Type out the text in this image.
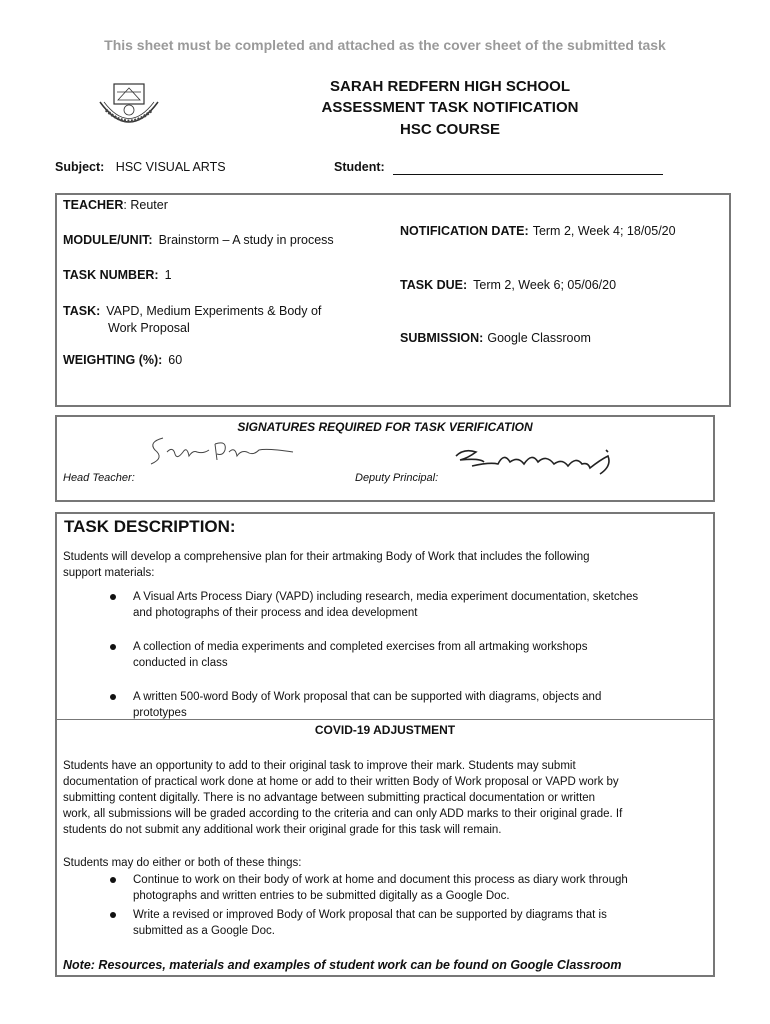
This sheet must be completed and attached as the cover sheet of the submitted task
SARAH REDFERN HIGH SCHOOL
ASSESSMENT TASK NOTIFICATION
HSC COURSE
Subject: HSC VISUAL ARTS	Student:
TEACHER: Reuter
MODULE/UNIT: Brainstorm – A study in process
TASK NUMBER: 1
TASK: VAPD, Medium Experiments & Body of
Work Proposal
WEIGHTING (%): 60
NOTIFICATION DATE: Term 2, Week 4; 18/05/20
TASK DUE: Term 2, Week 6; 05/06/20
SUBMISSION: Google Classroom
SIGNATURES REQUIRED FOR TASK VERIFICATION
Head Teacher:	Deputy Principal:
TASK DESCRIPTION:
Students will develop a comprehensive plan for their artmaking Body of Work that includes the following
support materials:
A Visual Arts Process Diary (VAPD) including research, media experiment documentation, sketches
and photographs of their process and idea development
A collection of media experiments and completed exercises from all artmaking workshops
conducted in class
A written 500-word Body of Work proposal that can be supported with diagrams, objects and
prototypes
COVID-19 ADJUSTMENT
Students have an opportunity to add to their original task to improve their mark. Students may submit
documentation of practical work done at home or add to their written Body of Work proposal or VAPD work by
submitting content digitally. There is no advantage between submitting practical documentation or written
work, all submissions will be graded according to the criteria and can only ADD marks to their original grade. If
students do not submit any additional work their original grade for this task will remain.
Students may do either or both of these things:
Continue to work on their body of work at home and document this process as diary work through
photographs and written entries to be submitted digitally as a Google Doc.
Write a revised or improved Body of Work proposal that can be supported by diagrams that is
submitted as a Google Doc.
Note: Resources, materials and examples of student work can be found on Google Classroom
